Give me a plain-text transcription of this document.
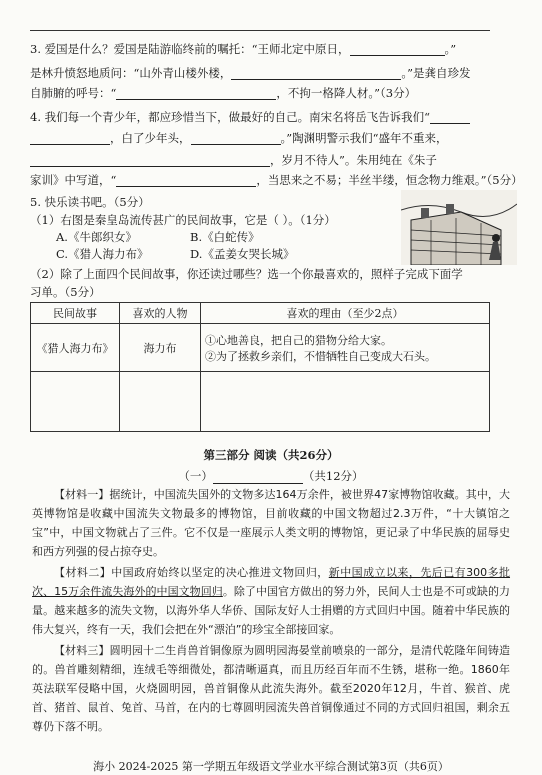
3. 爱国是什么？爱国是陆游临终前的嘱托：“王师北定中原日，	。”
是林升愤怒地质问：“山外青山楼外楼，	。”是龚自珍发
自肺腑的呼号：“	，不拘一格降人材。”（3分）
4. 我们每一个青少年，都应珍惜当下，做最好的自己。南宋名将岳飞告诉我们“
，白了少年头，	。”陶渊明警示我们“盛年不重来，
，岁月不待人”。朱用纯在《朱子
家训》中写道，“	，当思来之不易；半丝半缕，恒念物力维艰。”（5分）
5. 快乐读书吧。（5分）
（1）右图是秦皇岛流传甚广的民间故事，它是（ ）。（1分）
A.《牛郎织女》	B.《白蛇传》
C.《猎人海力布》	D.《孟姜女哭长城》
（2）除了上面四个民间故事，你还读过哪些？选一个你最喜欢的，照样子完成下面学
习单。（5分）
民间故事	喜欢的人物	喜欢的理由（至少2点）
《猎人海力布》	海力布	①心地善良，把自己的猎物分给大家。
②为了拯救乡亲们，不惜牺牲自己变成大石头。

第三部分 阅读（共26分）
（一）	（共12分）
【材料一】据统计，中国流失国外的文物多达164万余件，被世界47家博物馆收藏。其中，大英博物馆是收藏中国流失文物最多的博物馆，目前收藏的中国文物超过2.3万件，“十大镇馆之宝”中，中国文物就占了三件。它不仅是一座展示人类文明的博物馆，更记录了中华民族的屈辱史和西方列强的侵占掠夺史。
【材料二】中国政府始终以坚定的决心推进文物回归，新中国成立以来，先后已有300多批次、15万余件流失海外的中国文物回归。除了中国官方做出的努力外，民间人士也是不可或缺的力量。越来越多的流失文物，以海外华人华侨、国际友好人士捐赠的方式回归中国。随着中华民族的伟大复兴，终有一天，我们会把在外“漂泊”的珍宝全部接回家。
【材料三】圆明园十二生肖兽首铜像原为圆明园海晏堂前喷泉的一部分，是清代乾隆年间铸造的。兽首雕刻精细，连绒毛等细微处，都清晰逼真，而且历经百年而不生锈，堪称一绝。1860年英法联军侵略中国，火烧圆明园，兽首铜像从此流失海外。截至2020年12月，牛首、猴首、虎首、猪首、鼠首、兔首、马首，在内的七尊圆明园流失兽首铜像通过不同的方式回归祖国，剩余五尊仍下落不明。
海小 2024-2025 第一学期五年级语文学业水平综合测试第3页（共6页）
